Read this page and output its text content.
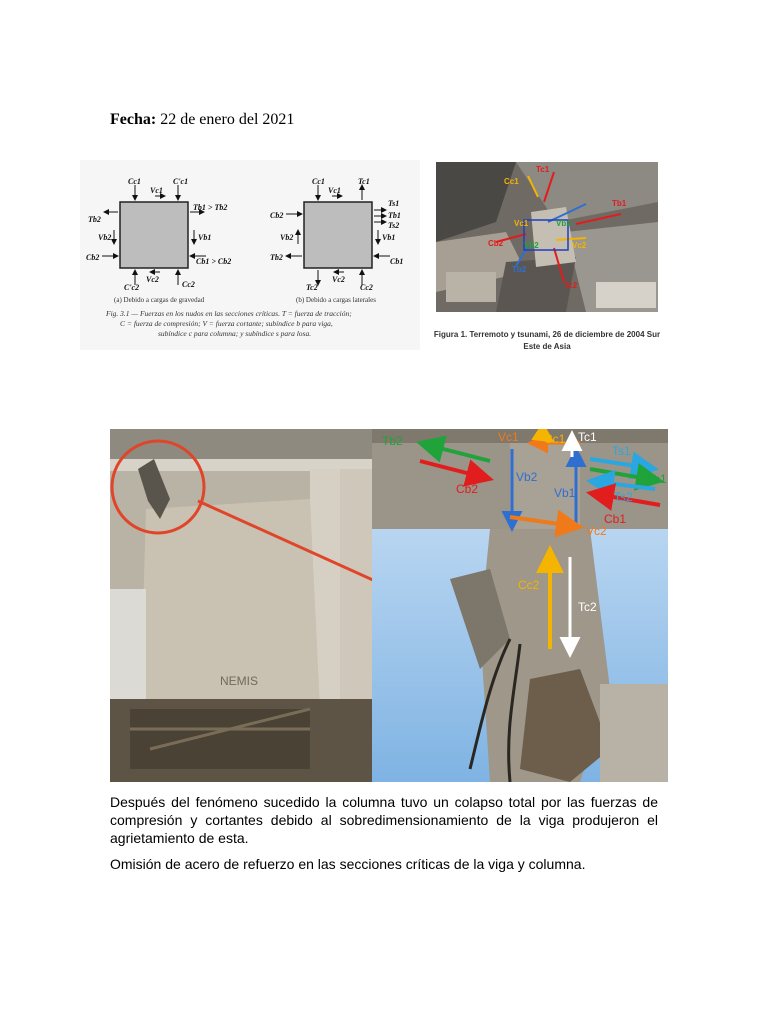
Fecha: 22 de enero del 2021
Cc1	C'c1
Vc1
Tb1 > Tb2
Tb2
Vb2	Vb1
Cb2	Cb1 > Cb2
C'c2
Vc2
Cc2
(a) Debido a cargas de gravedad
Cc1
Vc1
Tc1
Ts1
Tb1
Ts2
Cb2
Vb2	Vb1
Tb2	Cb1
Tc2
Vc2
Cc2
(b) Debido a cargas laterales
Fig. 3.1 — Fuerzas en los nudos en las secciones críticas. T = fuerza de tracción;
C = fuerza de compresión; V = fuerza cortante; subíndice b para viga,
subíndice c para columna; y subíndice s para losa.
Tc1
Cc1
Vc1	Vb1
Tb1
Cb2	Vb2	Vc2
Tc2
Tb2
Figura 1. Terremoto y tsunami, 26 de diciembre de 2004 Sur Este de Asia
NEMIS
Vc1 Cc1 Tc1
Tb2
Ts1
Cb2
Vb2
Vb1	Ts2
Tb1
Cb1
Vc2
Cc2
Tc2
Después del fenómeno sucedido la columna tuvo un colapso total por las fuerzas de compresión y cortantes debido al sobredimensionamiento de la viga produjeron el agrietamiento de esta.
Omisión de acero de refuerzo en las secciones críticas de la viga y columna.
